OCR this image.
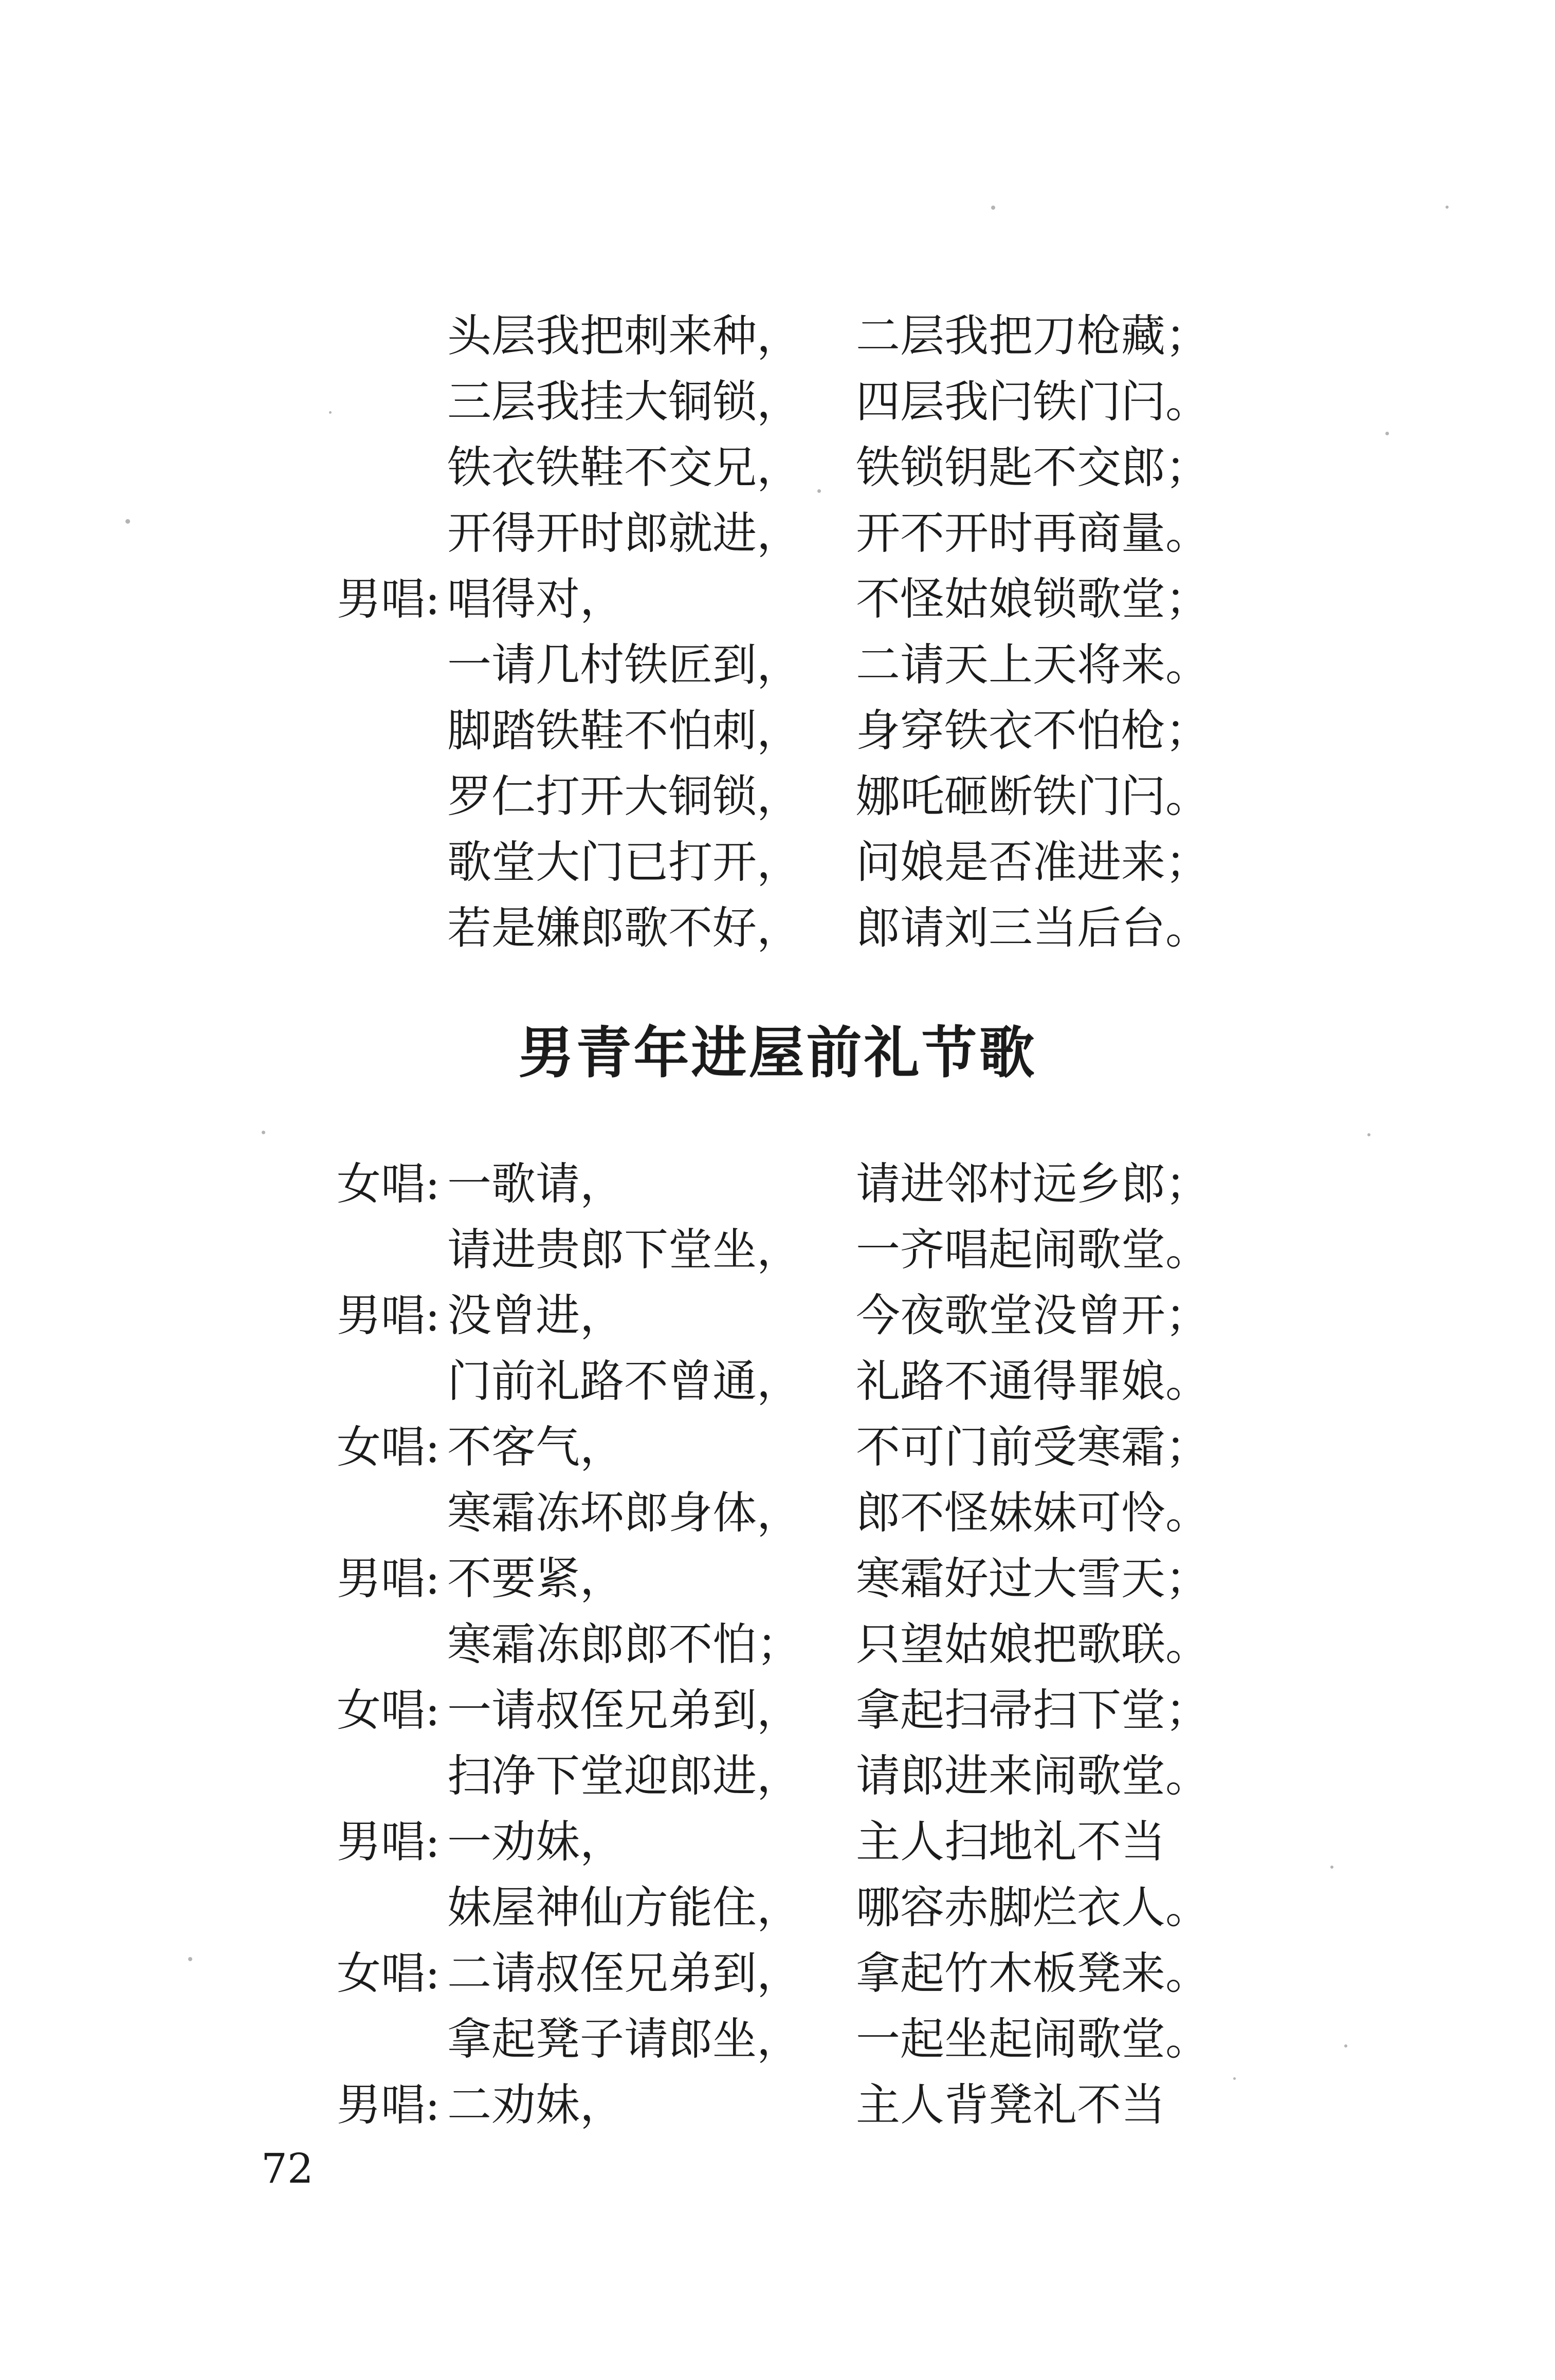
头层我把刺来种， 二层我把刀枪藏；
三层我挂大铜锁， 四层我闩铁门闩。
铁衣铁鞋不交兄， 铁锁钥匙不交郎；
开得开时郎就进， 开不开时再商量。
男唱: 唱得对，	不怪姑娘锁歌堂；
一请几村铁匠到， 二请天上天将来。
脚踏铁鞋不怕刺， 身穿铁衣不怕枪；
罗仁打开大铜锁， 娜吒砸断铁门闩。
歌堂大门已打开， 问娘是否准进来；
若是嫌郎歌不好， 郎请刘三当后台。
男青年进屋前礼节歌
女唱: 一歌请，	请进邻村远乡郎；
请进贵郎下堂坐， 一齐唱起闹歌堂。
男唱: 没曾进，	今夜歌堂没曾开；
门前礼路不曾通， 礼路不通得罪娘。
女唱: 不客气，	不可门前受寒霜；
寒霜冻坏郎身体， 郎不怪妹妹可怜。
男唱: 不要紧，	寒霜好过大雪天；
寒霜冻郎郎不怕； 只望姑娘把歌联。
女唱: 一请叔侄兄弟到， 拿起扫帚扫下堂；
扫净下堂迎郎进， 请郎进来闹歌堂。
男唱: 一劝妹，	主人扫地礼不当
妹屋神仙方能住， 哪容赤脚烂衣人。
女唱: 二请叔侄兄弟到， 拿起竹木板凳来。
拿起凳子请郎坐， 一起坐起闹歌堂。
男唱: 二劝妹，	主人背凳礼不当
72
